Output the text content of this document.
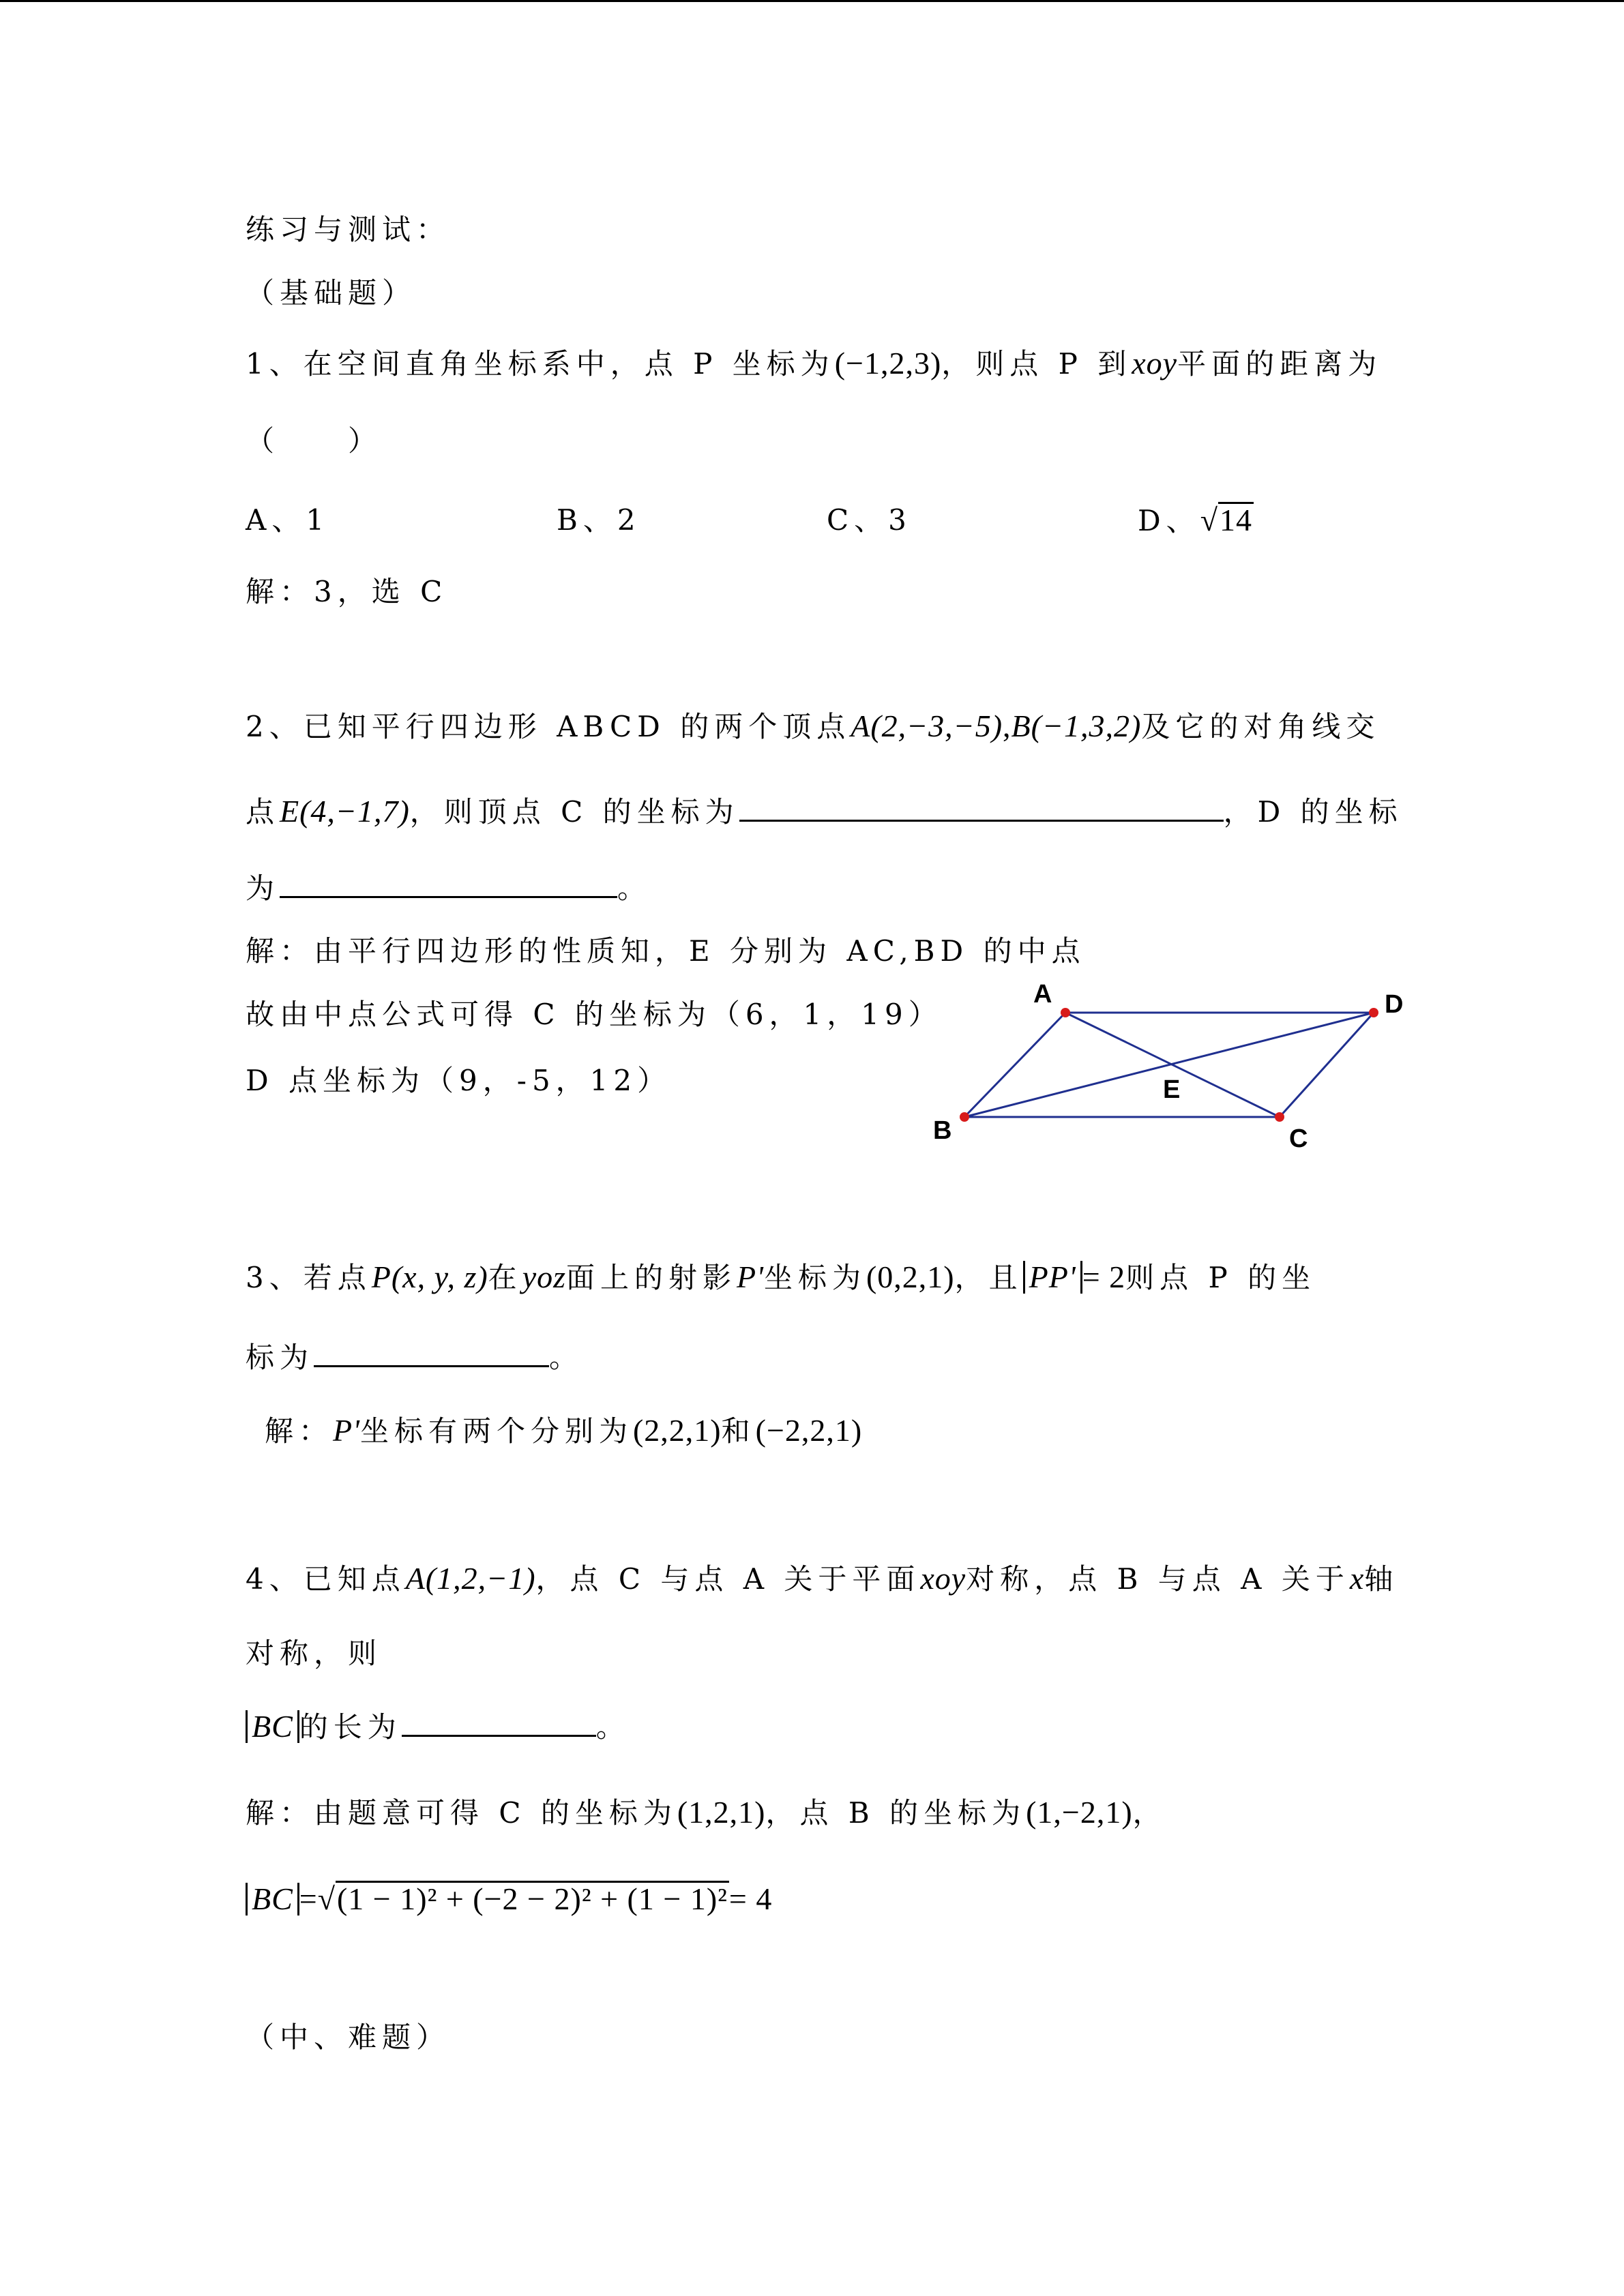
练习与测试：
（基础题）
1、在空间直角坐标系中，点 P 坐标为(−1,2,3)，则点 P 到xoy平面的距离为
（　　）
A、1	B、2	C、3	D、√14
解：3，选 C
2、已知平行四边形 ABCD 的两个顶点A(2,−3,−5),B(−1,3,2)及它的对角线交
点E(4,−1,7)，则顶点 C 的坐标为	，D 的坐标
为	。
解：由平行四边形的性质知，E 分别为 AC,BD 的中点
故由中点公式可得 C 的坐标为（6，1，19）
D 点坐标为（9，-5，12）
A	D
E
B	C
3、若点P(x, y, z)在yoz面上的射影P'坐标为(0,2,1)，且 PP' = 2则点 P 的坐
标为	。
解：P'坐标有两个分别为(2,2,1)和(−2,2,1)
4、已知点A(1,2,−1)，点 C 与点 A 关于平面xoy对称，点 B 与点 A 关于x轴
对称，则
BC 的长为	。
解：由题意可得 C 的坐标为(1,2,1)，点 B 的坐标为(1,−2,1)，
BC =√(1 − 1)² + (−2 − 2)² + (1 − 1)²= 4
（中、难题）
